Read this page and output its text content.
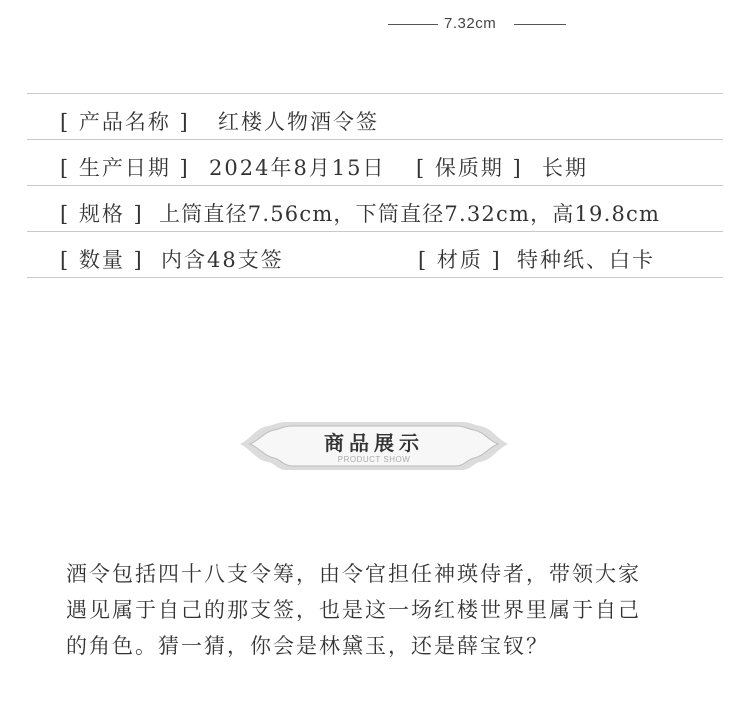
7.32cm
[ 产品名称 ] 红楼人物酒令签
[ 生产日期 ] 2024年8月15日 [ 保质期 ] 长期
[ 规格 ] 上筒直径7.56cm，下筒直径7.32cm，高19.8cm
[ 数量 ] 内含48支签	[ 材质 ] 特种纸、白卡
商品展示
PRODUCT SHOW
酒令包括四十八支令筹，由令官担任神瑛侍者，带领大家
遇见属于自己的那支签，也是这一场红楼世界里属于自己
的角色。猜一猜，你会是林黛玉，还是薛宝钗？
